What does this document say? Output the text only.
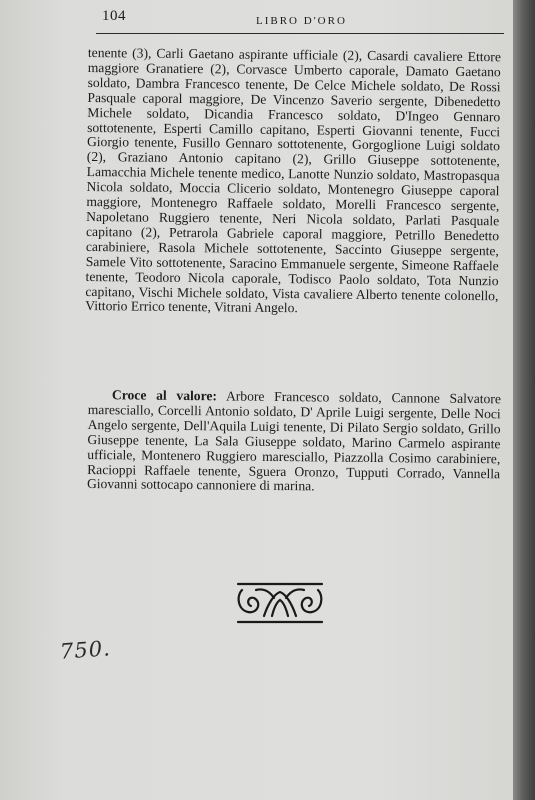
104	LIBRO D'ORO

tenente (3), Carli Gaetano aspirante ufficiale (2), Casardi cavaliere Ettore maggiore Granatiere (2), Corvasce Umberto caporale, Damato Gaetano soldato, Dambra Francesco tenente, De Celce Michele soldato, De Rossi Pasquale caporal maggiore, De Vincenzo Saverio sergente, Dibenedetto Michele soldato, Dicandia Francesco soldato, D'Ingeo Gennaro sottotenente, Esperti Camillo capitano, Esperti Giovanni tenente, Fucci Giorgio tenente, Fusillo Gennaro sottotenente, Gorgoglione Luigi soldato (2), Graziano Antonio capitano (2), Grillo Giuseppe sottotenente, Lamacchia Michele tenente medico, Lanotte Nunzio soldato, Mastropasqua Nicola soldato, Moccia Clicerio soldato, Montenegro Giuseppe caporal maggiore, Montenegro Raffaele soldato, Morelli Francesco sergente, Napoletano Ruggiero tenente, Neri Nicola soldato, Parlati Pasquale capitano (2), Petrarola Gabriele caporal maggiore, Petrillo Benedetto carabiniere, Rasola Michele sottotenente, Saccinto Giuseppe sergente, Samele Vito sottotenente, Saracino Emmanuele sergente, Simeone Raffaele tenente, Teodoro Nicola caporale, Todisco Paolo soldato, Tota Nunzio capitano, Vischi Michele soldato, Vista cavaliere Alberto tenente colonello, Vittorio Errico tenente, Vitrani Angelo.

Croce al valore: Arbore Francesco soldato, Cannone Salvatore maresciallo, Corcelli Antonio soldato, D' Aprile Luigi sergente, Delle Noci Angelo sergente, Dell'Aquila Luigi tenente, Di Pilato Sergio soldato, Grillo Giuseppe tenente, La Sala Giuseppe soldato, Marino Carmelo aspirante ufficiale, Montenero Ruggiero maresciallo, Piazzolla Cosimo carabiniere, Racioppi Raffaele tenente, Sguera Oronzo, Tupputi Corrado, Vannella Giovanni sottocapo cannoniere di marina.
750.
